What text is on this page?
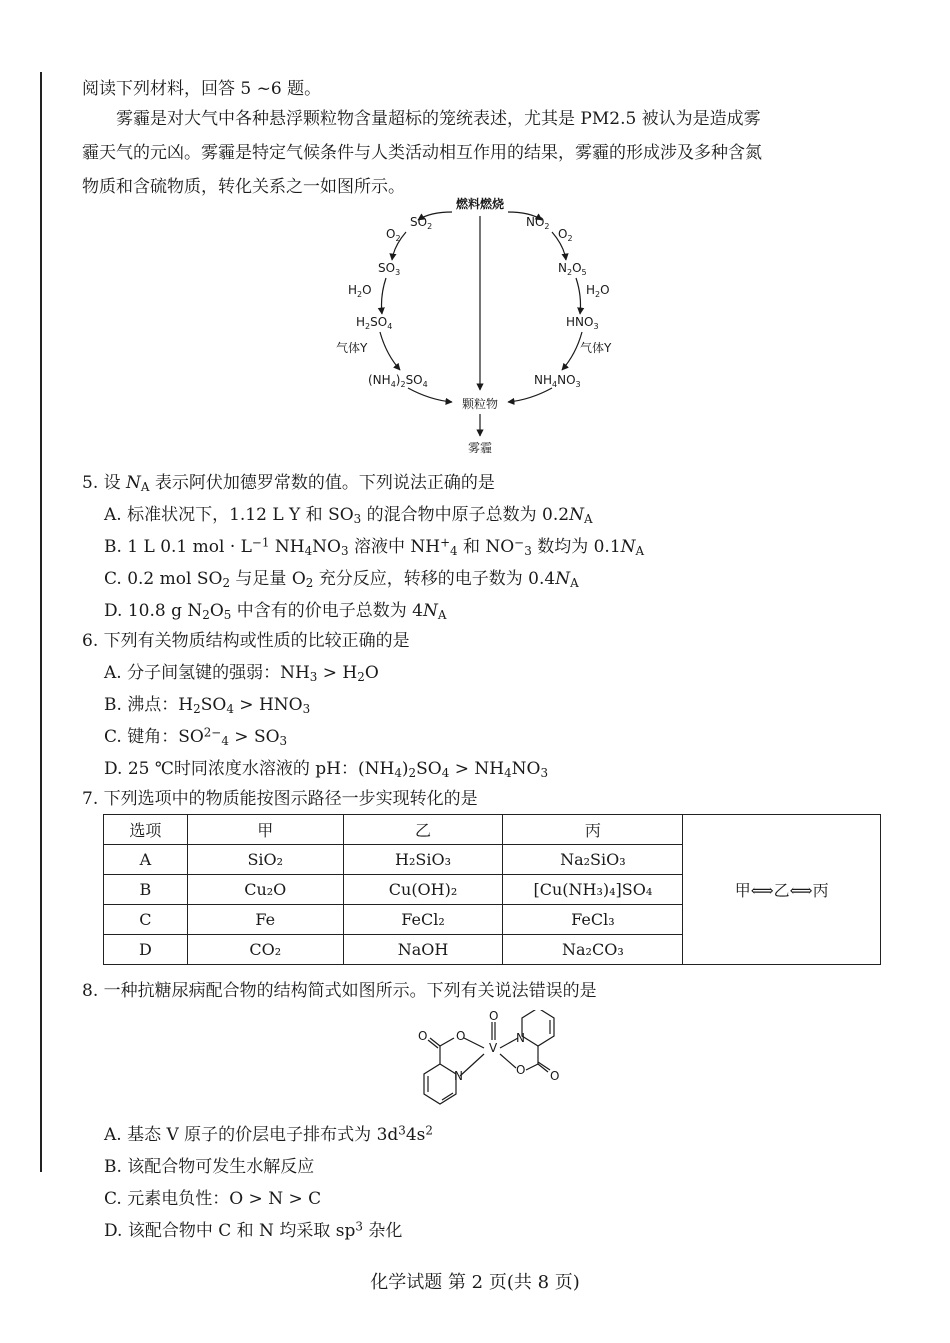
阅读下列材料，回答 5 ~6 题。

雾霾是对大气中各种悬浮颗粒物含量超标的笼统表述，尤其是 PM2.5 被认为是造成雾

霾天气的元凶。雾霾是特定气候条件与人类活动相互作用的结果，雾霾的形成涉及多种含氮

物质和含硫物质，转化关系之一如图所示。

燃料燃烧
$SO_2$
$O_2$
$SO_3$
$H_2O$
$H_2SO_4$
气体Y
$(NH_4)_2SO_4$
$NO_2$
$O_2$
$N_2O_5$
$H_2O$
$HNO_3$
气体Y
$NH_4NO_3$
颗粒物
雾霾
5. 设 $N_A$ 表示阿伏加德罗常数的值。下列说法正确的是
A. 标准状况下，1.12 L Y 和 $SO_3$ 的混合物中原子总数为 $0.2N_A$
B. 1 L 0.1 mol · $L^{-1}$ $NH_4NO_3$ 溶液中 $NH^+_4$ 和 $NO^-_3$ 数均为 $0.1N_A$
C. 0.2 mol $SO_2$ 与足量 $O_2$ 充分反应，转移的电子数为 $0.4N_A$
D. 10.8 g $N_2O_5$ 中含有的价电子总数为 $4N_A$
6. 下列有关物质结构或性质的比较正确的是
A. 分子间氢键的强弱：$NH_3 > H_2O$
B. 沸点：$H_2SO_4 > HNO_3$
C. 键角：$SO^{2-}_4 > SO_3$
D. 25 ℃时同浓度水溶液的 pH：$(NH_4)_2SO_4 > NH_4NO_3$
7. 下列选项中的物质能按图示路径一步实现转化的是
选项	甲	乙	丙	甲⟺乙⟺丙
A	SiO₂	H₂SiO₃	Na₂SiO₃	
B	Cu₂O	Cu(OH)₂	[Cu(NH₃)₄]SO₄	
C	Fe	FeCl₂	FeCl₃	
D	CO₂	NaOH	Na₂CO₃	
8. 一种抗糖尿病配合物的结构简式如图所示。下列有关说法错误的是
O
V
O
O
N	O O
N
A. 基态 V 原子的价层电子排布式为 $3d^34s^2$
B. 该配合物可发生水解反应
C. 元素电负性：O > N > C
D. 该配合物中 C 和 N 均采取 $sp^3$ 杂化
化学试题 第 2 页(共 8 页)
